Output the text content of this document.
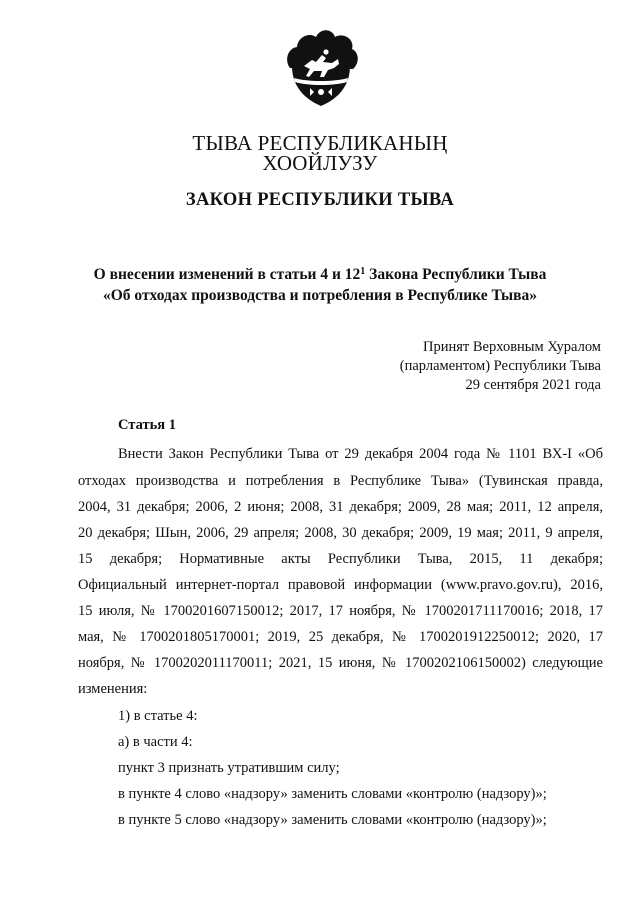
ТЫВА РЕСПУБЛИКАНЫҢ
ХООЙЛУЗУ
ЗАКОН РЕСПУБЛИКИ ТЫВА
О внесении изменений в статьи 4 и $12^1$ Закона Республики Тыва
«Об отходах производства и потребления в Республике Тыва»
Принят Верховным Хуралом
(парламентом) Республики Тыва
29 сентября 2021 года
Статья 1
Внести Закон Республики Тыва от 29 декабря 2004 года № 1101 ВХ-I «Об
отходах производства и потребления в Республике Тыва» (Тувинская правда,
2004, 31 декабря; 2006, 2 июня; 2008, 31 декабря; 2009, 28 мая; 2011, 12 апреля,
20 декабря; Шын, 2006, 29 апреля; 2008, 30 декабря; 2009, 19 мая; 2011, 9 апреля,
15 декабря; Нормативные акты Республики Тыва, 2015, 11 декабря;
Официальный интернет-портал правовой информации (www.pravo.gov.ru), 2016,
15 июля, № 1700201607150012; 2017, 17 ноября, № 1700201711170016; 2018, 17
мая, № 1700201805170001; 2019, 25 декабря, № 1700201912250012; 2020, 17
ноября, № 1700202011170011; 2021, 15 июня, № 1700202106150002) следующие
изменения:
1) в статье 4:
а) в части 4:
пункт 3 признать утратившим силу;
в пункте 4 слово «надзору» заменить словами «контролю (надзору)»;
в пункте 5 слово «надзору» заменить словами «контролю (надзору)»;
